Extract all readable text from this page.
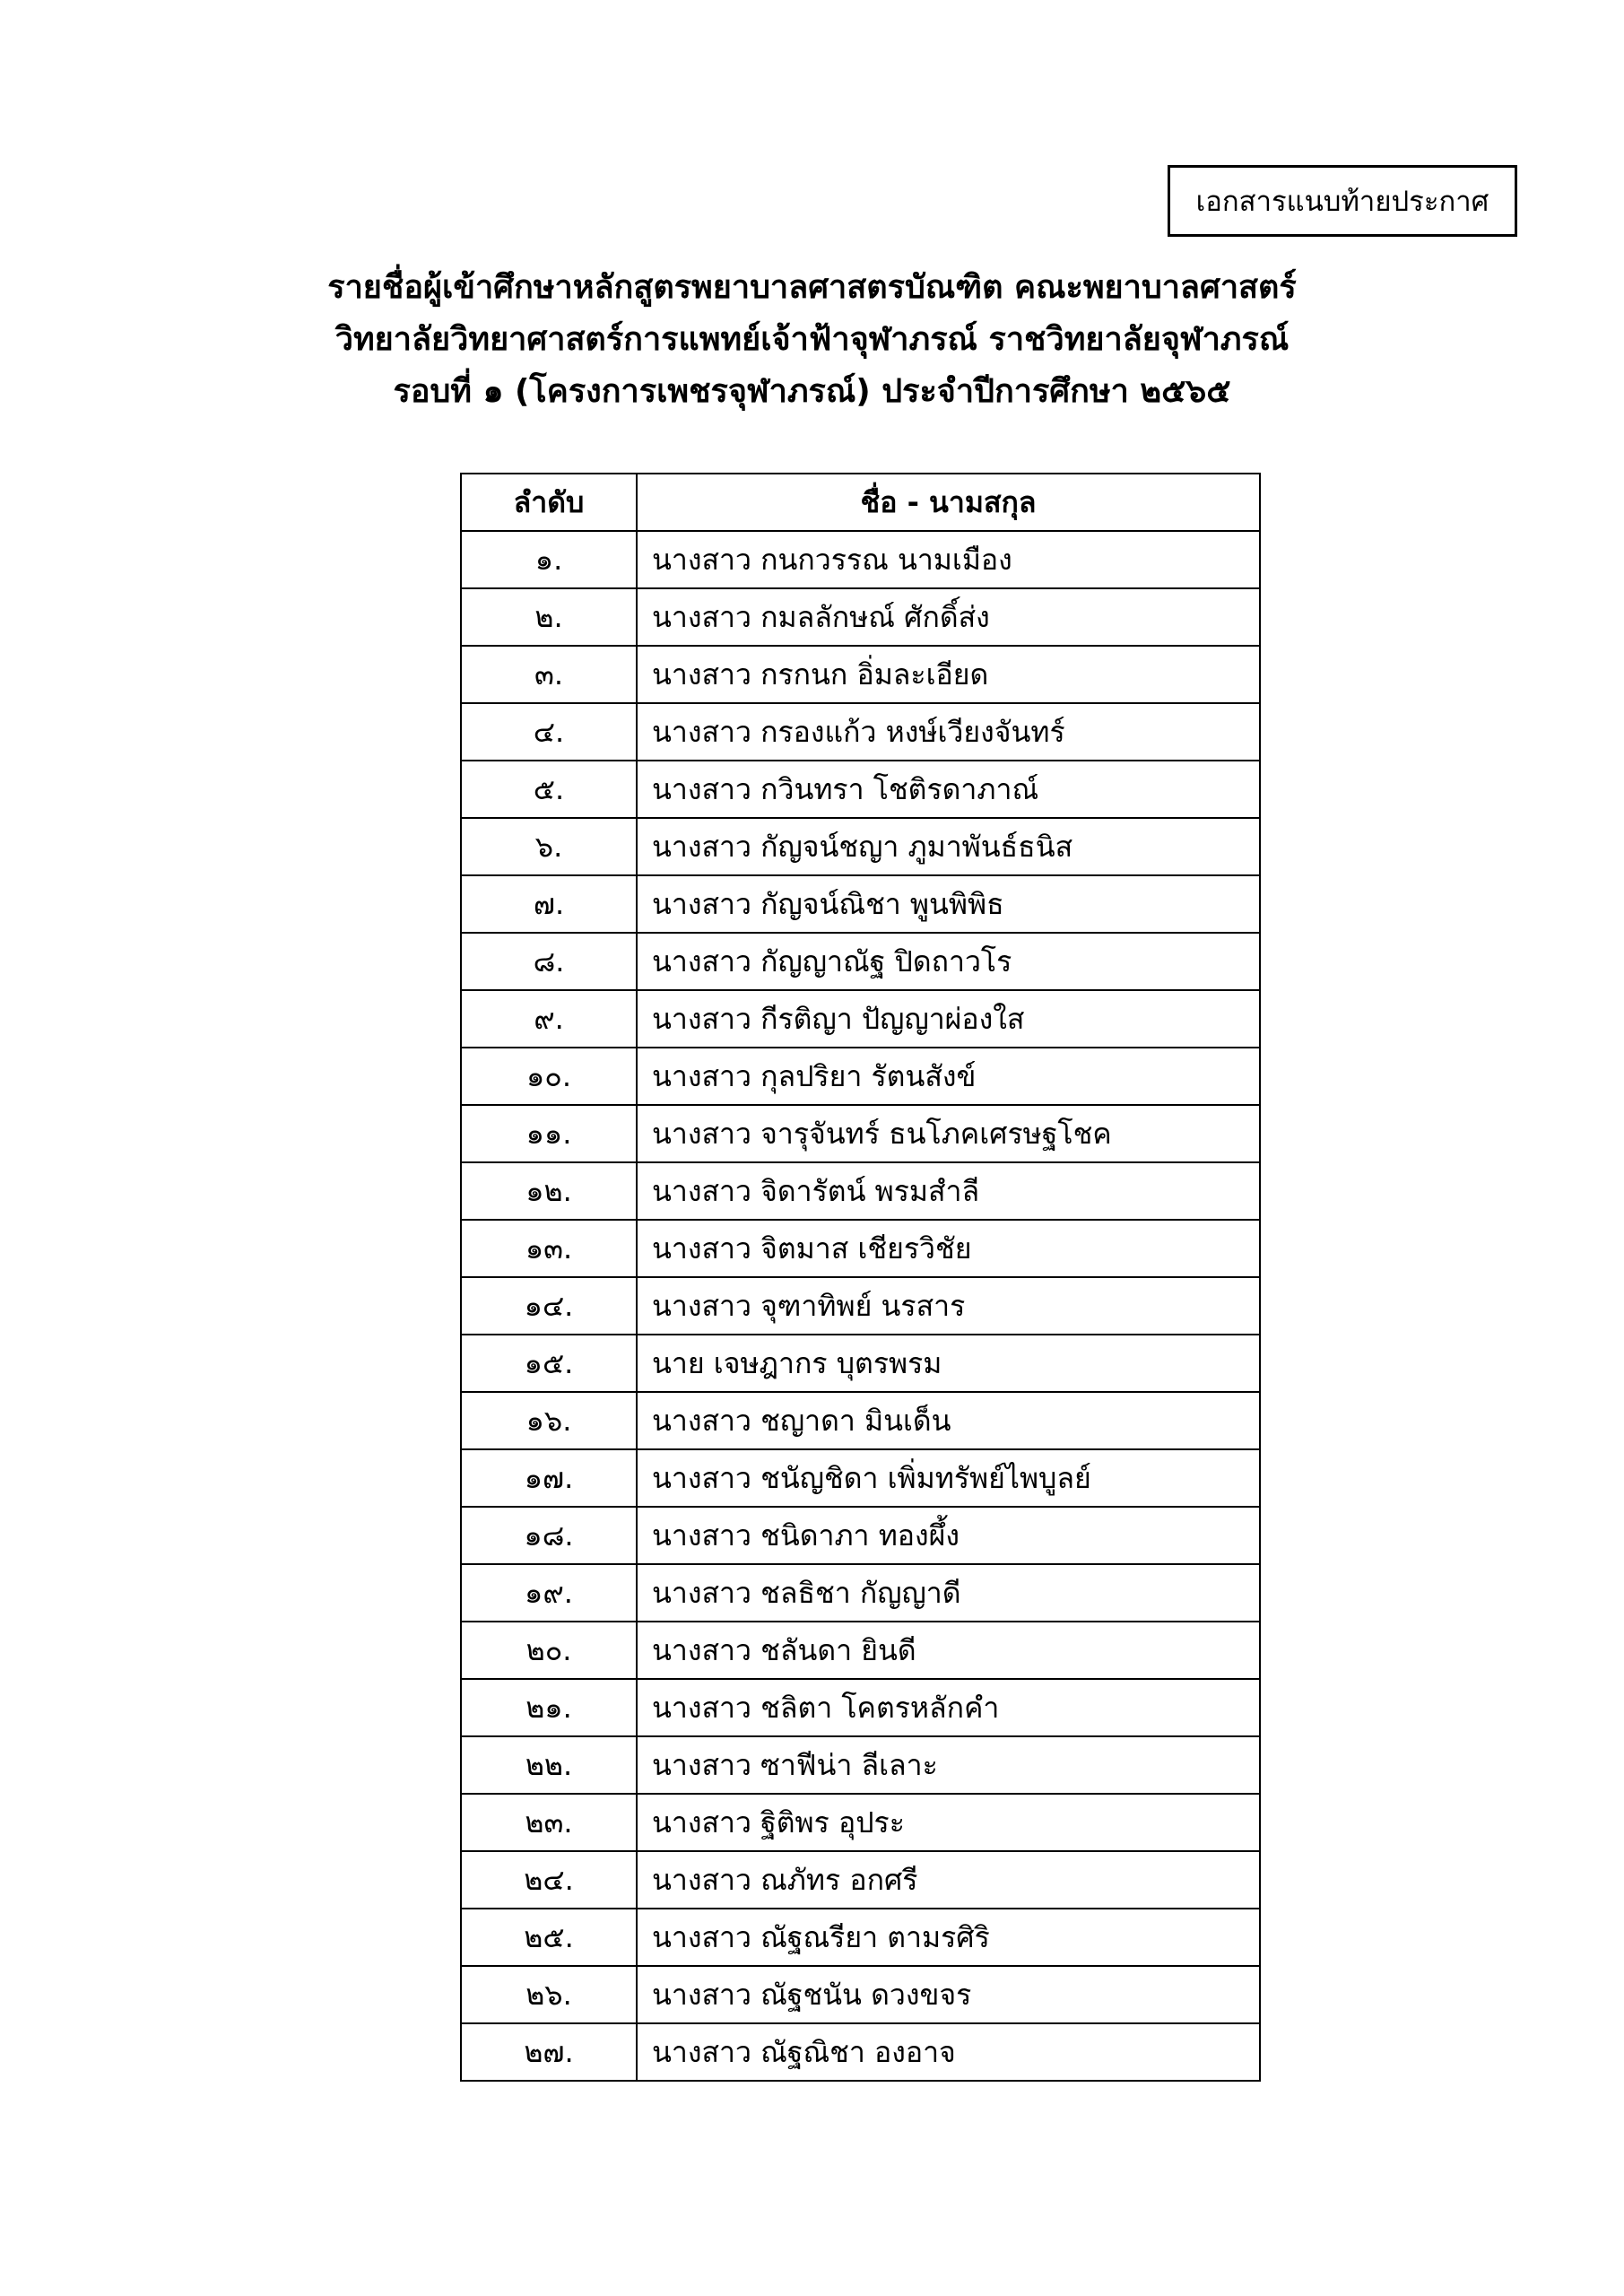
เอกสารแนบท้ายประกาศ
รายชื่อผู้เข้าศึกษาหลักสูตรพยาบาลศาสตรบัณฑิต คณะพยาบาลศาสตร์
วิทยาลัยวิทยาศาสตร์การแพทย์เจ้าฟ้าจุฬาภรณ์ ราชวิทยาลัยจุฬาภรณ์
รอบที่ ๑ (โครงการเพชรจุฬาภรณ์) ประจำปีการศึกษา ๒๕๖๕
ลำดับ	ชื่อ - นามสกุล
๑.	นางสาว กนกวรรณ นามเมือง
๒.	นางสาว กมลลักษณ์ ศักดิ์ส่ง
๓.	นางสาว กรกนก อิ่มละเอียด
๔.	นางสาว กรองแก้ว หงษ์เวียงจันทร์
๕.	นางสาว กวินทรา โชติรดาภาณ์
๖.	นางสาว กัญจน์ชญา ภูมาพันธ์ธนิส
๗.	นางสาว กัญจน์ณิชา พูนพิพิธ
๘.	นางสาว กัญญาณัฐ ปิดถาวโร
๙.	นางสาว กีรติญา ปัญญาผ่องใส
๑๐.	นางสาว กุลปริยา รัตนสังข์
๑๑.	นางสาว จารุจันทร์ ธนโภคเศรษฐโชค
๑๒.	นางสาว จิดารัตน์ พรมสำลี
๑๓.	นางสาว จิตมาส เชียรวิชัย
๑๔.	นางสาว จุฑาทิพย์ นรสาร
๑๕.	นาย เจษฎากร บุตรพรม
๑๖.	นางสาว ชญาดา มินเด็น
๑๗.	นางสาว ชนัญชิดา เพิ่มทรัพย์ไพบูลย์
๑๘.	นางสาว ชนิดาภา ทองผึ้ง
๑๙.	นางสาว ชลธิชา กัญญาดี
๒๐.	นางสาว ชลันดา ยินดี
๒๑.	นางสาว ชลิตา โคตรหลักคำ
๒๒.	นางสาว ซาฟีน่า ลีเลาะ
๒๓.	นางสาว ฐิติพร อุประ
๒๔.	นางสาว ณภัทร อกศรี
๒๕.	นางสาว ณัฐณรียา ตามรศิริ
๒๖.	นางสาว ณัฐชนัน ดวงขจร
๒๗.	นางสาว ณัฐณิชา องอาจ
